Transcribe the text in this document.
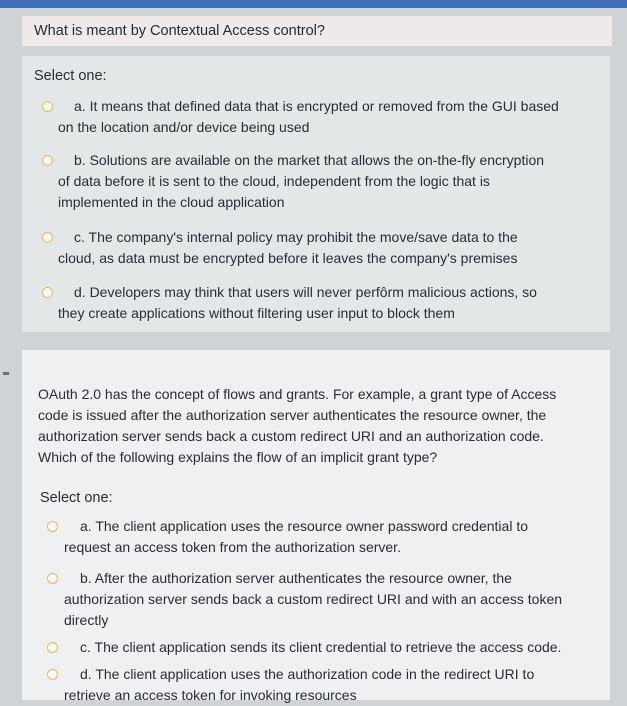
What is meant by Contextual Access control?
Select one:
a. It means that defined data that is encrypted or removed from the GUI based
on the location and/or device being used
b. Solutions are available on the market that allows the on-the-fly encryption
of data before it is sent to the cloud, independent from the logic that is
implemented in the cloud application
c. The company's internal policy may prohibit the move/save data to the
cloud, as data must be encrypted before it leaves the company's premises
d. Developers may think that users will never perfôrm malicious actions, so
they create applications without filtering user input to block them
OAuth 2.0 has the concept of flows and grants. For example, a grant type of Access
code is issued after the authorization server authenticates the resource owner, the
authorization server sends back a custom redirect URI and an authorization code.
Which of the following explains the flow of an implicit grant type?
Select one:
a. The client application uses the resource owner password credential to
request an access token from the authorization server.
b. After the authorization server authenticates the resource owner, the
authorization server sends back a custom redirect URI and with an access token
directly
c. The client application sends its client credential to retrieve the access code.
d. The client application uses the authorization code in the redirect URI to
retrieve an access token for invoking resources
